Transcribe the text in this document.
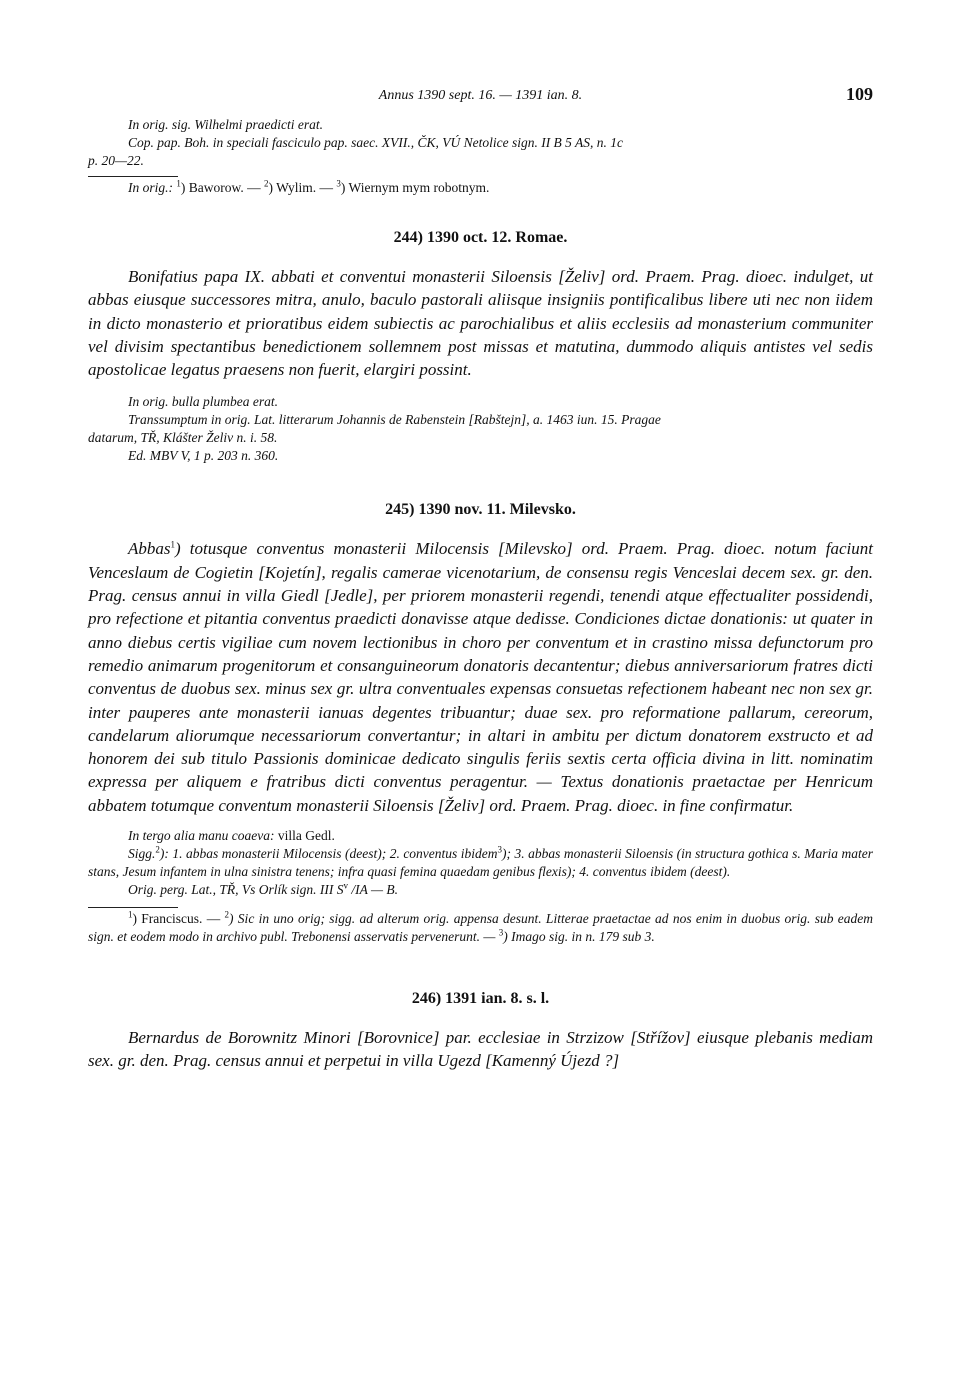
Annus 1390 sept. 16. — 1391 ian. 8.	109

In orig. sig. Wilhelmi praedicti erat.

Cop. pap. Boh. in speciali fasciculo pap. saec. XVII., ČK, VÚ Netolice sign. II B 5 AS, n. 1c
p. 20—22.

In orig.: $^1$) Baworow. — $^2$) Wylim. — $^3$) Wiernym mym robotnym.

244) 1390 oct. 12. Romae.

Bonifatius papa IX. abbati et conventui monasterii Siloensis [Želiv] ord. Praem. Prag. dioec. indulget, ut abbas eiusque successores mitra, anulo, baculo pastorali aliisque insigniis pontificalibus libere uti nec non iidem in dicto monasterio et prioratibus eidem subiectis ac parochialibus et aliis ecclesiis ad monasterium communiter vel divisim spectantibus benedictionem sollemnem post missas et matutina, dummodo aliquis antistes vel sedis apostolicae legatus praesens non fuerit, elargiri possint.

In orig. bulla plumbea erat.

Transsumptum in orig. Lat. litterarum Johannis de Rabenstein [Rabštejn], a. 1463 iun. 15. Pragae
datarum, TŘ, Klášter Želiv n. i. 58.

Ed. MBV V, 1 p. 203 n. 360.

245) 1390 nov. 11. Milevsko.

Abbas$^1$) totusque conventus monasterii Milocensis [Milevsko] ord. Praem. Prag. dioec. notum faciunt Venceslaum de Cogietin [Kojetín], regalis camerae vicenotarium, de consensu regis Venceslai decem sex. gr. den. Prag. census annui in villa Giedl [Jedle], per priorem monasterii regendi, tenendi atque effectualiter possidendi, pro refectione et pitantia conventus praedicti donavisse atque dedisse. Condiciones dictae donationis: ut quater in anno diebus certis vigiliae cum novem lectionibus in choro per conventum et in crastino missa defunctorum pro remedio animarum progenitorum et consanguineorum donatoris decantentur; diebus anniversariorum fratres dicti conventus de duobus sex. minus sex gr. ultra conventuales expensas consuetas refectionem habeant nec non sex gr. inter pauperes ante monasterii ianuas degentes tribuantur; duae sex. pro reformatione pallarum, cereorum, candelarum aliorumque necessariorum convertantur; in altari in ambitu per dictum donatorem exstructo et ad honorem dei sub titulo Passionis dominicae dedicato singulis feriis sextis certa officia divina in litt. nominatim expressa per aliquem e fratribus dicti conventus peragentur. — Textus donationis praetactae per Henricum abbatem totumque conventum monasterii Siloensis [Želiv] ord. Praem. Prag. dioec. in fine confirmatur.

In tergo alia manu coaeva: villa Gedl.

Sigg.$^2$): 1. abbas monasterii Milocensis (deest); 2. conventus ibidem$^3$); 3. abbas monasterii Siloensis (in structura gothica s. Maria mater stans, Jesum infantem in ulna sinistra tenens; infra quasi femina quaedam genibus flexis); 4. conventus ibidem (deest).

Orig. perg. Lat., TŘ, Vs Orlík sign. III $S^v$ /IA — B.

$^1$) Franciscus. — $^2$) Sic in uno orig; sigg. ad alterum orig. appensa desunt. Litterae praetactae ad nos enim in duobus orig. sub eadem sign. et eodem modo in archivo publ. Trebonensi asservatis pervenerunt. — $^3$) Imago sig. in n. 179 sub 3.

246) 1391 ian. 8. s. l.

Bernardus de Borownitz Minori [Borovnice] par. ecclesiae in Strzizow [Střížov] eiusque plebanis mediam sex. gr. den. Prag. census annui et perpetui in villa Ugezd [Kamenný Újezd ?]
